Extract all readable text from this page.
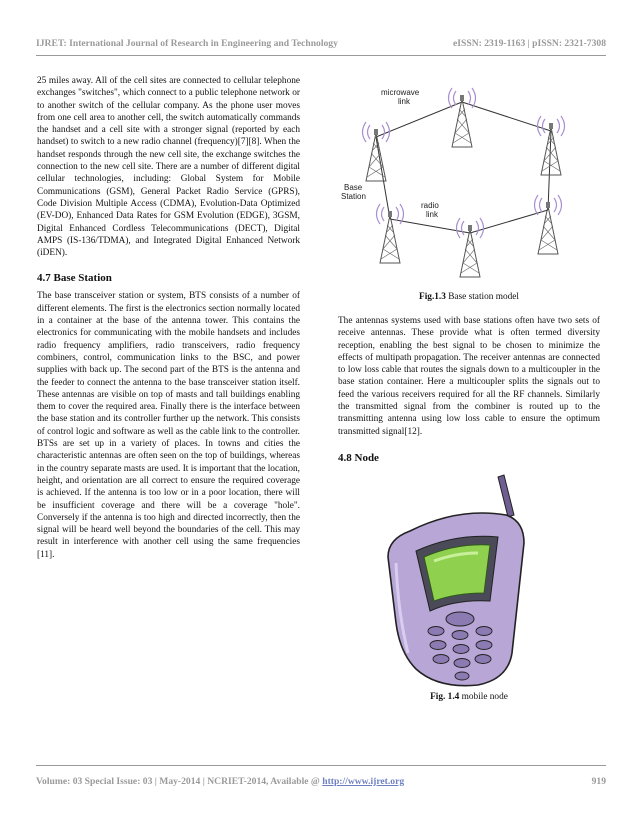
IJRET: International Journal of Research in Engineering and Technology	eISSN: 2319-1163 | pISSN: 2321-7308

25 miles away. All of the cell sites are connected to cellular telephone exchanges "switches", which connect to a public telephone network or to another switch of the cellular company. As the phone user moves from one cell area to another cell, the switch automatically commands the handset and a cell site with a stronger signal (reported by each handset) to switch to a new radio channel (frequency)[7][8]. When the handset responds through the new cell site, the exchange switches the connection to the new cell site. There are a number of different digital cellular technologies, including: Global System for Mobile Communications (GSM), General Packet Radio Service (GPRS), Code Division Multiple Access (CDMA), Evolution-Data Optimized (EV-DO), Enhanced Data Rates for GSM Evolution (EDGE), 3GSM, Digital Enhanced Cordless Telecommunications (DECT), Digital AMPS (IS-136/TDMA), and Integrated Digital Enhanced Network (iDEN).

4.7 Base Station

The base transceiver station or system, BTS consists of a number of different elements. The first is the electronics section normally located in a container at the base of the antenna tower. This contains the electronics for communicating with the mobile handsets and includes radio frequency amplifiers, radio transceivers, radio frequency combiners, control, communication links to the BSC, and power supplies with back up. The second part of the BTS is the antenna and the feeder to connect the antenna to the base transceiver station itself. These antennas are visible on top of masts and tall buildings enabling them to cover the required area. Finally there is the interface between the base station and its controller further up the network. This consists of control logic and software as well as the cable link to the controller. BTSs are set up in a variety of places. In towns and cities the characteristic antennas are often seen on the top of buildings, whereas in the country separate masts are used. It is important that the location, height, and orientation are all correct to ensure the required coverage is achieved. If the antenna is too low or in a poor location, there will be insufficient coverage and there will be a coverage "hole". Conversely if the antenna is too high and directed incorrectly, then the signal will be heard well beyond the boundaries of the cell. This may result in interference with another cell using the same frequencies [11].

microwave
link
Base
Station
radio
link
Fig.1.3 Base station model

The antennas systems used with base stations often have two sets of receive antennas. These provide what is often termed diversity reception, enabling the best signal to be chosen to minimize the effects of multipath propagation. The receiver antennas are connected to low loss cable that routes the signals down to a multicoupler in the base station container. Here a multicoupler splits the signals out to feed the various receivers required for all the RF channels. Similarly the transmitted signal from the combiner is routed up to the transmitting antenna using low loss cable to ensure the optimum transmitted signal[12].

4.8 Node
Fig. 1.4 mobile node
Volume: 03 Special Issue: 03 | May-2014 | NCRIET-2014, Available @ http://www.ijret.org	919
